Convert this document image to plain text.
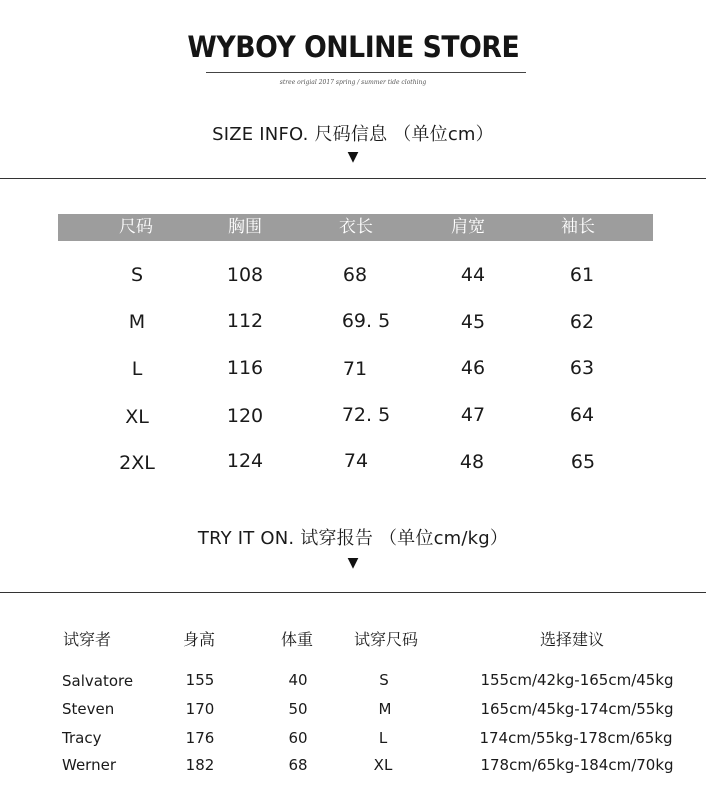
WYBOY ONLINE STORE
stree origial 2017 spring / summer tide clothing
SIZE INFO. 尺码信息 （单位cm）
▼
尺码	胸围	衣长	肩宽	袖长
S	108	68	44	61
M	112	69. 5	45	62
L	116	71	46	63
XL	120	72. 5	47	64
2XL	124	74	48	65
TRY IT ON. 试穿报告 （单位cm/kg）
▼
试穿者	身高	体重	试穿尺码	选择建议
Salvatore	155	40	S	155cm/42kg-165cm/45kg
Steven	170	50	M	165cm/45kg-174cm/55kg
Tracy	176	60	L	174cm/55kg-178cm/65kg
Werner	182	68	XL	178cm/65kg-184cm/70kg
